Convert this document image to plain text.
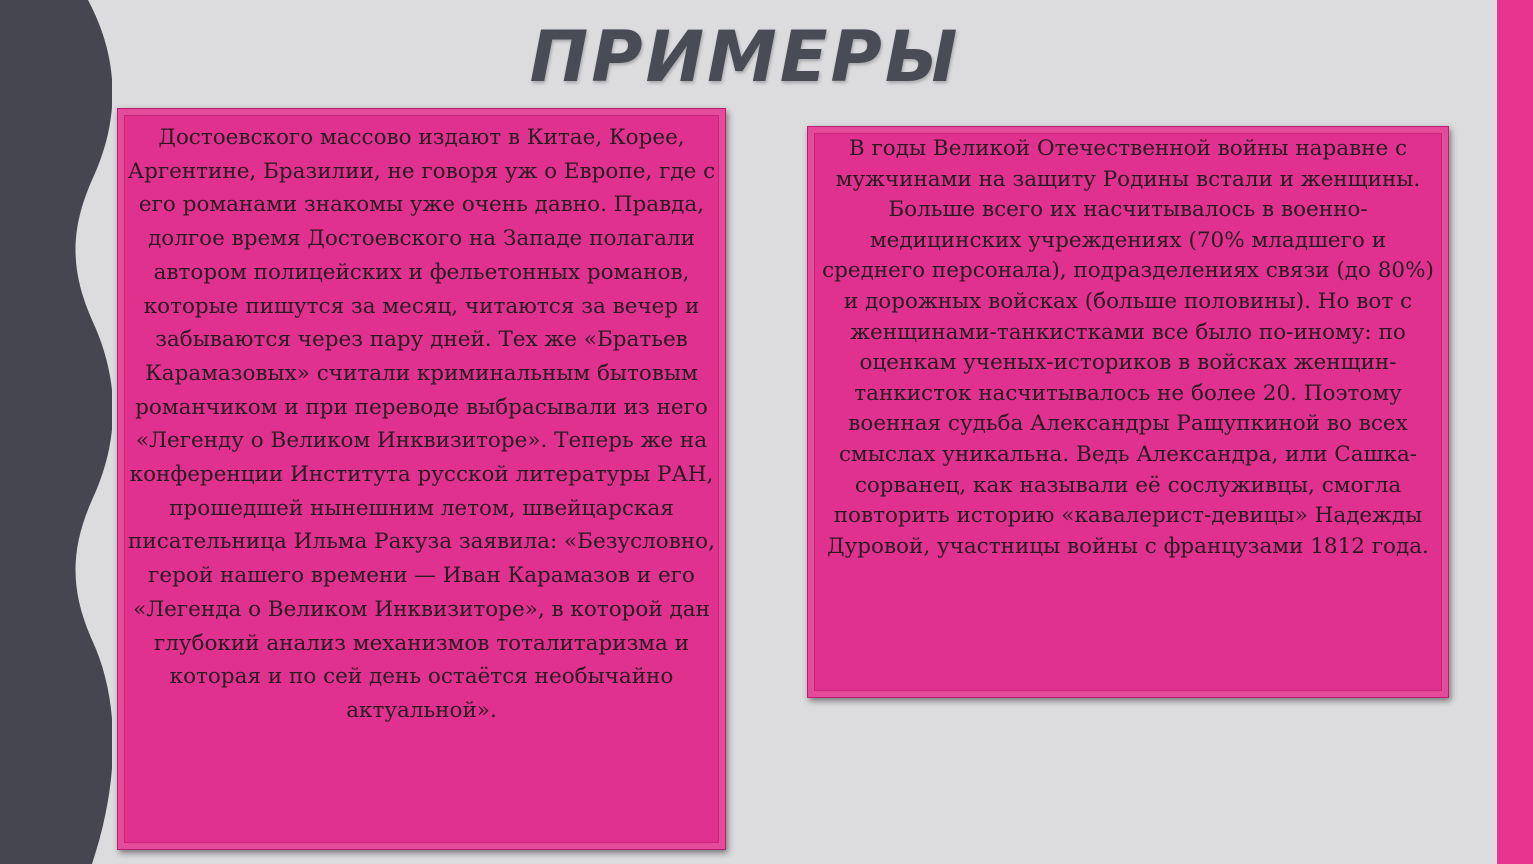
ПРИМЕРЫ

Достоевского массово издают в Китае, Корее, Аргентине, Бразилии, не говоря уж о Европе, где с его романами знакомы уже очень давно. Правда, долгое время Достоевского на Западе полагали автором полицейских и фельетонных романов, которые пишутся за месяц, читаются за вечер и забываются через пару дней. Тех же «Братьев Карамазовых» считали криминальным бытовым романчиком и при переводе выбрасывали из него «Легенду о Великом Инквизиторе». Теперь же на конференции Института русской литературы РАН, прошедшей нынешним летом, швейцарская писательница Ильма Ракуза заявила: «Безусловно, герой нашего времени — Иван Карамазов и его «Легенда о Великом Инквизиторе», в которой дан глубокий анализ механизмов тоталитаризма и которая и по сей день остаётся необычайно актуальной».

В годы Великой Отечественной войны наравне с мужчинами на защиту Родины встали и женщины. Больше всего их насчитывалось в военно-медицинских учреждениях (70% младшего и среднего персонала), подразделениях связи (до 80%) и дорожных войсках (больше половины). Но вот с женщинами-танкистками все было по-иному: по оценкам ученых-историков в войсках женщин-танкисток насчитывалось не более 20. Поэтому военная судьба Александры Ращупкиной во всех смыслах уникальна. Ведь Александра, или Сашка-сорванец, как называли её сослуживцы, смогла повторить историю «кавалерист-девицы» Надежды Дуровой, участницы войны с французами 1812 года.
